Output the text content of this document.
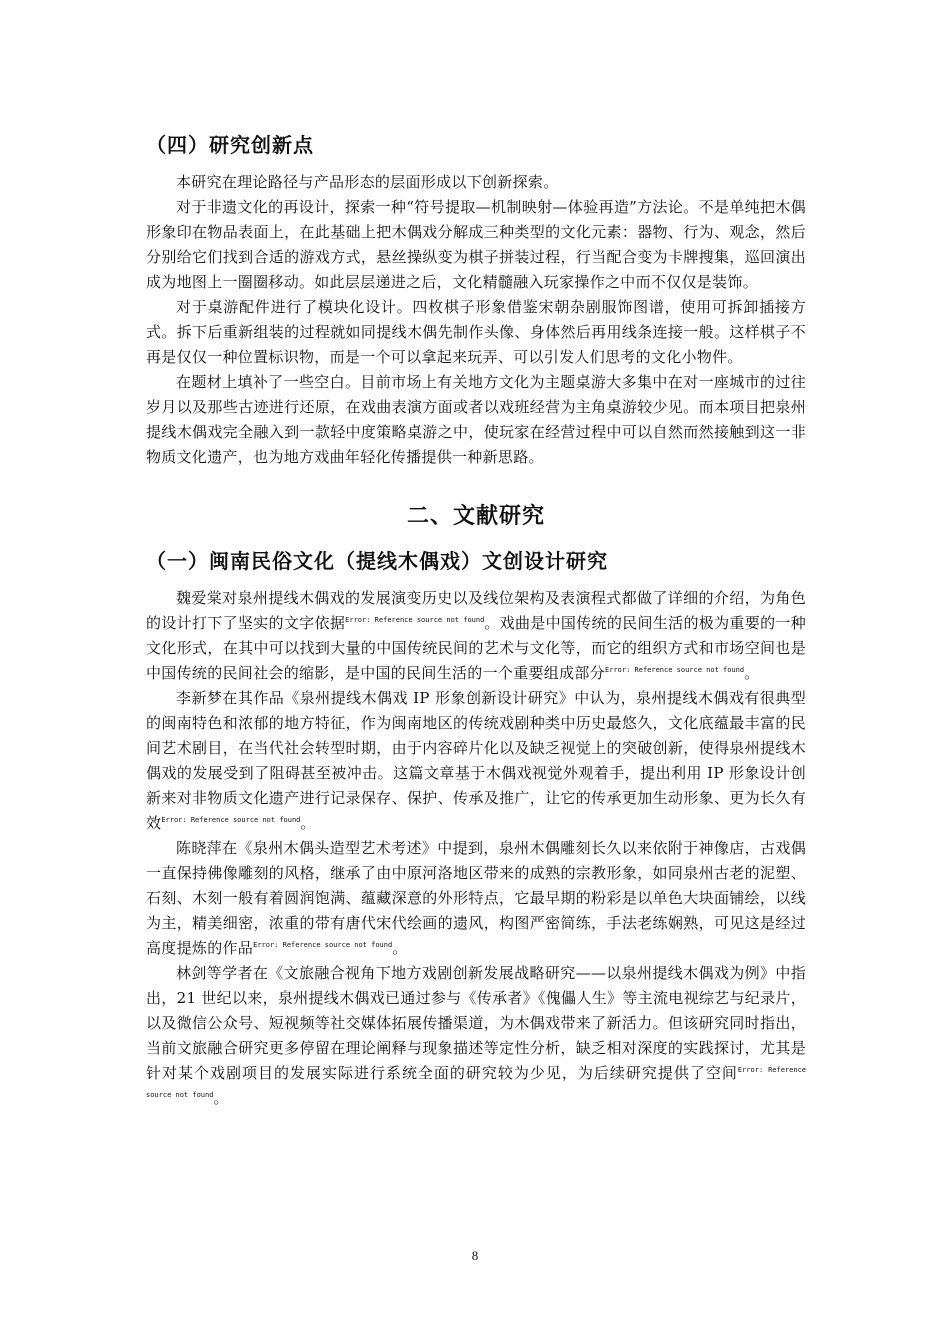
（四）研究创新点

本研究在理论路径与产品形态的层面形成以下创新探索。

对于非遗文化的再设计，探索一种“符号提取—机制映射—体验再造”方法论。不是单纯把木偶形象印在物品表面上，在此基础上把木偶戏分解成三种类型的文化元素：器物、行为、观念，然后分别给它们找到合适的游戏方式，悬丝操纵变为棋子拼装过程，行当配合变为卡牌搜集，巡回演出成为地图上一圈圈移动。如此层层递进之后，文化精髓融入玩家操作之中而不仅仅是装饰。

对于桌游配件进行了模块化设计。四枚棋子形象借鉴宋朝杂剧服饰图谱，使用可拆卸插接方式。拆下后重新组装的过程就如同提线木偶先制作头像、身体然后再用线条连接一般。这样棋子不再是仅仅一种位置标识物，而是一个可以拿起来玩弄、可以引发人们思考的文化小物件。

在题材上填补了一些空白。目前市场上有关地方文化为主题桌游大多集中在对一座城市的过往岁月以及那些古迹进行还原，在戏曲表演方面或者以戏班经营为主角桌游较少见。而本项目把泉州提线木偶戏完全融入到一款轻中度策略桌游之中，使玩家在经营过程中可以自然而然接触到这一非物质文化遗产，也为地方戏曲年轻化传播提供一种新思路。

二、文献研究
（一）闽南民俗文化（提线木偶戏）文创设计研究

魏爱棠对泉州提线木偶戏的发展演变历史以及线位架构及表演程式都做了详细的介绍，为角色的设计打下了坚实的文字依据$^{Error: Reference source not found}$。戏曲是中国传统的民间生活的极为重要的一种文化形式，在其中可以找到大量的中国传统民间的艺术与文化等，而它的组织方式和市场空间也是中国传统的民间社会的缩影，是中国的民间生活的一个重要组成部分$^{Error: Reference source not found}$。

李新梦在其作品《泉州提线木偶戏 IP 形象创新设计研究》中认为，泉州提线木偶戏有很典型的闽南特色和浓郁的地方特征，作为闽南地区的传统戏剧种类中历史最悠久，文化底蕴最丰富的民间艺术剧目，在当代社会转型时期，由于内容碎片化以及缺乏视觉上的突破创新，使得泉州提线木偶戏的发展受到了阻碍甚至被冲击。这篇文章基于木偶戏视觉外观着手，提出利用 IP 形象设计创新来对非物质文化遗产进行记录保存、保护、传承及推广，让它的传承更加生动形象、更为长久有效$^{Error: Reference source not found}$。

陈晓萍在《泉州木偶头造型艺术考述》中提到，泉州木偶雕刻长久以来依附于神像店，古戏偶一直保持佛像雕刻的风格，继承了由中原河洛地区带来的成熟的宗教形象，如同泉州古老的泥塑、石刻、木刻一般有着圆润饱满、蕴藏深意的外形特点，它最早期的粉彩是以单色大块面铺绘，以线为主，精美细密，浓重的带有唐代宋代绘画的遗风，构图严密简练，手法老练娴熟，可见这是经过高度提炼的作品$^{Error: Reference source not found}$。

林剑等学者在《文旅融合视角下地方戏剧创新发展战略研究——以泉州提线木偶戏为例》中指出，21 世纪以来，泉州提线木偶戏已通过参与《传承者》《傀儡人生》等主流电视综艺与纪录片，以及微信公众号、短视频等社交媒体拓展传播渠道，为木偶戏带来了新活力。但该研究同时指出，当前文旅融合研究更多停留在理论阐释与现象描述等定性分析，缺乏相对深度的实践探讨，尤其是针对某个戏剧项目的发展实际进行系统全面的研究较为少见，为后续研究提供了空间$^{Error: Reference source not found}$。

8
